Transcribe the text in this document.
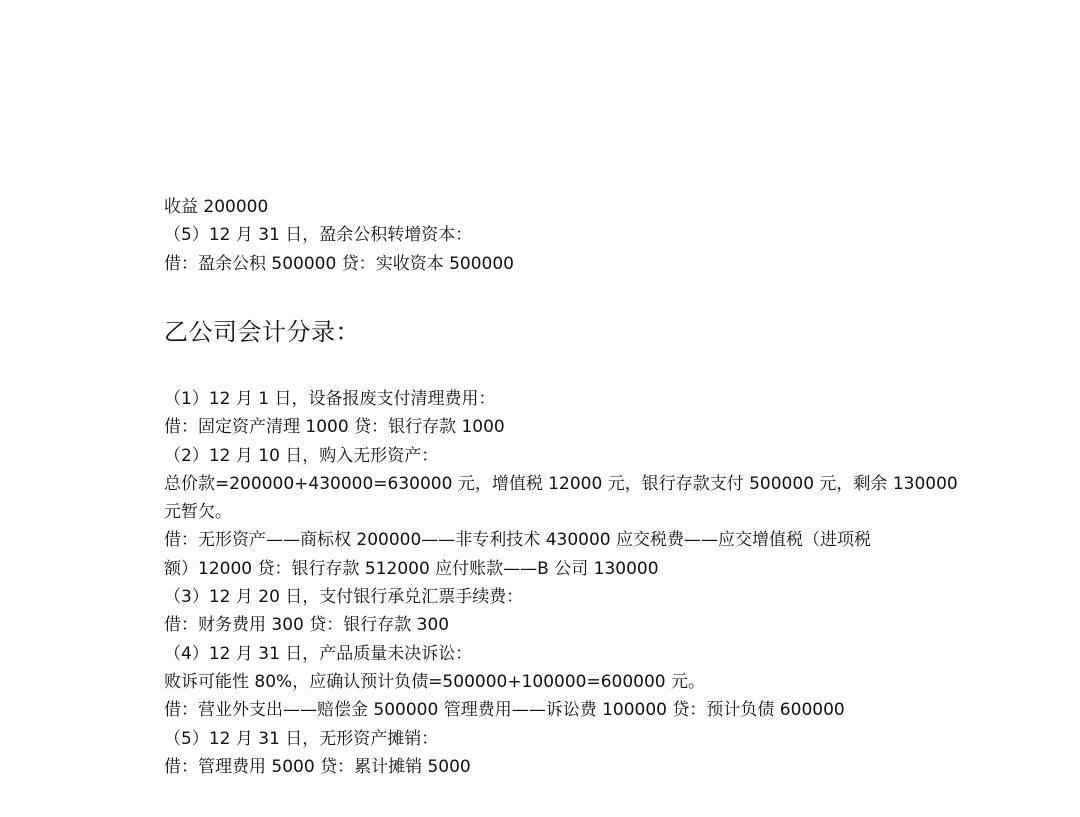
收益 200000

（5）12 月 31 日，盈余公积转增资本：

借：盈余公积 500000 贷：实收资本 500000

乙公司会计分录：

（1）12 月 1 日，设备报废支付清理费用：

借：固定资产清理 1000 贷：银行存款 1000

（2）12 月 10 日，购入无形资产：

总价款=200000+430000=630000 元，增值税 12000 元，银行存款支付 500000 元，剩余 130000

元暂欠。

借：无形资产——商标权 200000——非专利技术 430000 应交税费——应交增值税（进项税

额）12000 贷：银行存款 512000 应付账款——B 公司 130000

（3）12 月 20 日，支付银行承兑汇票手续费：

借：财务费用 300 贷：银行存款 300

（4）12 月 31 日，产品质量未决诉讼：

败诉可能性 80%，应确认预计负债=500000+100000=600000 元。

借：营业外支出——赔偿金 500000 管理费用——诉讼费 100000 贷：预计负债 600000

（5）12 月 31 日，无形资产摊销：

借：管理费用 5000 贷：累计摊销 5000
